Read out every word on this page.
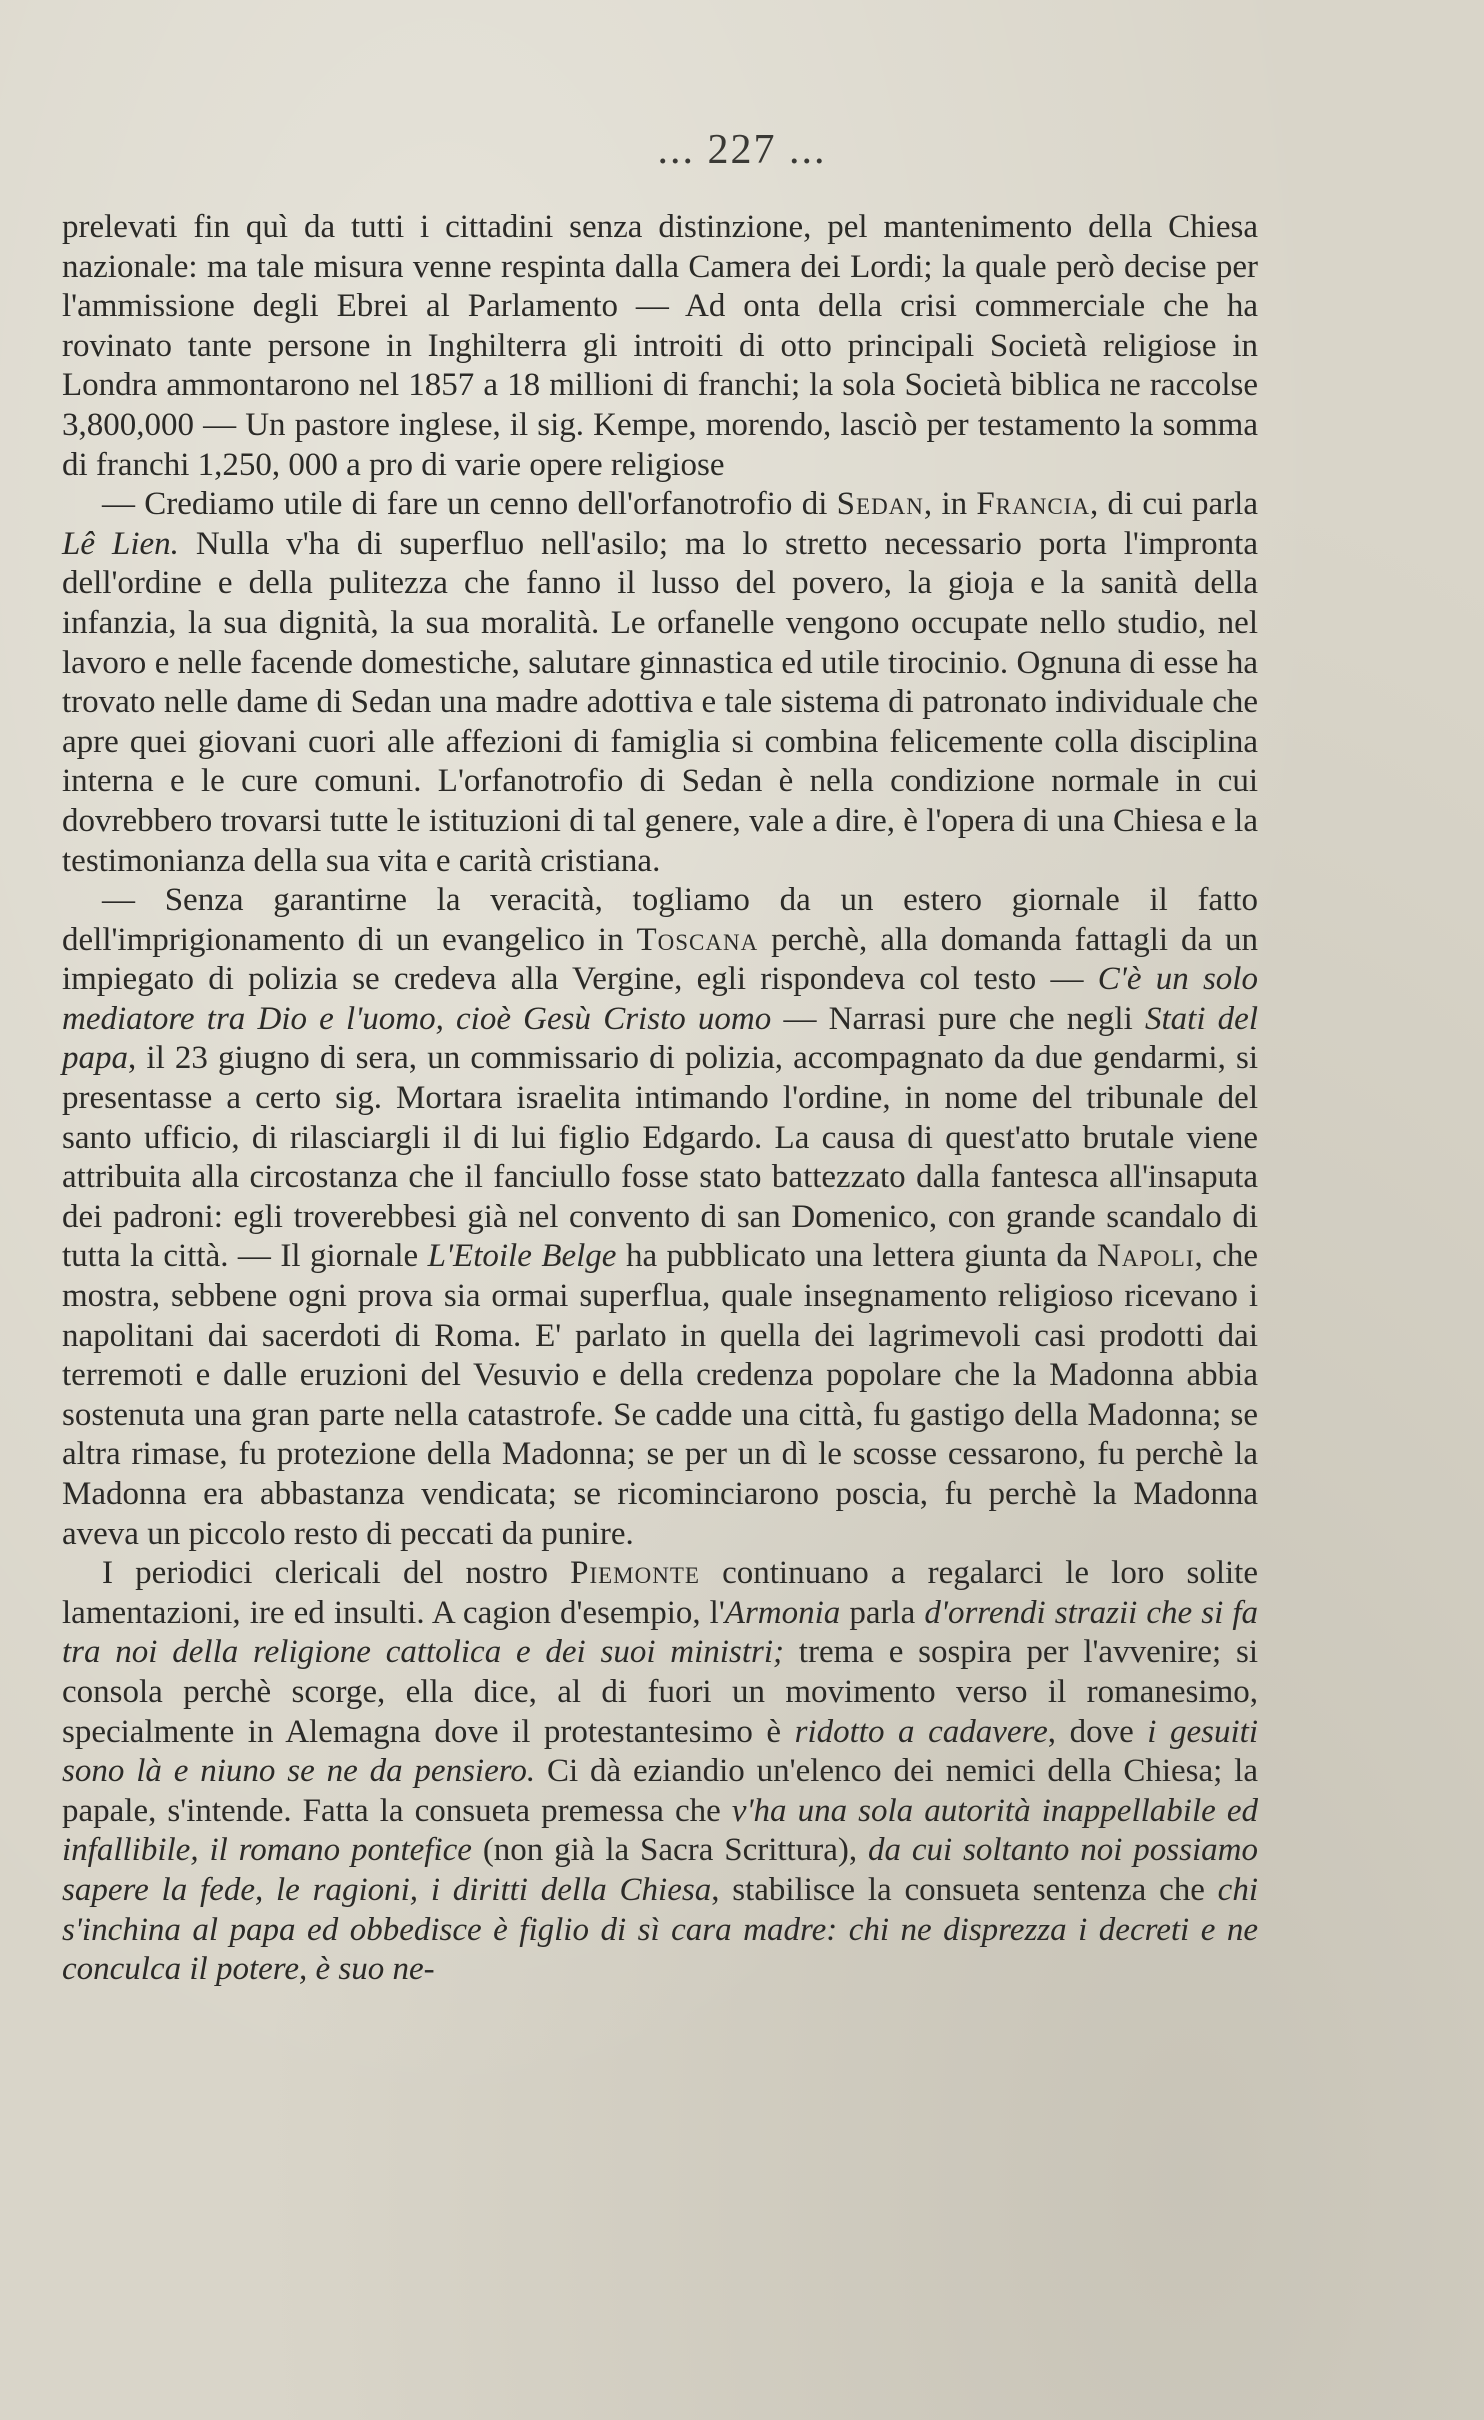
... 227 ...

prelevati fin quì da tutti i cittadini senza distinzione, pel mantenimento della Chiesa nazionale: ma tale misura venne respinta dalla Camera dei Lordi; la quale però decise per l'ammissione degli Ebrei al Parlamento — Ad onta della crisi commerciale che ha rovinato tante persone in Inghilterra gli introiti di otto principali Società religiose in Londra ammontarono nel 1857 a 18 millioni di franchi; la sola Società biblica ne raccolse 3,800,000 — Un pastore inglese, il sig. Kempe, morendo, lasciò per testamento la somma di franchi 1,250, 000 a pro di varie opere religiose

— Crediamo utile di fare un cenno dell'orfanotrofio di Sedan, in Francia, di cui parla Lê Lien. Nulla v'ha di superfluo nell'asilo; ma lo stretto necessario porta l'impronta dell'ordine e della pulitezza che fanno il lusso del povero, la gioja e la sanità della infanzia, la sua dignità, la sua moralità. Le orfanelle vengono occupate nello studio, nel lavoro e nelle facende domestiche, salutare ginnastica ed utile tirocinio. Ognuna di esse ha trovato nelle dame di Sedan una madre adottiva e tale sistema di patronato individuale che apre quei giovani cuori alle affezioni di famiglia si combina felicemente colla disciplina interna e le cure comuni. L'orfanotrofio di Sedan è nella condizione normale in cui dovrebbero trovarsi tutte le istituzioni di tal genere, vale a dire, è l'opera di una Chiesa e la testimonianza della sua vita e carità cristiana.

— Senza garantirne la veracità, togliamo da un estero giornale il fatto dell'imprigionamento di un evangelico in Toscana perchè, alla domanda fattagli da un impiegato di polizia se credeva alla Vergine, egli rispondeva col testo — C'è un solo mediatore tra Dio e l'uomo, cioè Gesù Cristo uomo — Narrasi pure che negli Stati del papa, il 23 giugno di sera, un commissario di polizia, accompagnato da due gendarmi, si presentasse a certo sig. Mortara israelita intimando l'ordine, in nome del tribunale del santo ufficio, di rilasciargli il di lui figlio Edgardo. La causa di quest'atto brutale viene attribuita alla circostanza che il fanciullo fosse stato battezzato dalla fantesca all'insaputa dei padroni: egli troverebbesi già nel convento di san Domenico, con grande scandalo di tutta la città. — Il giornale L'Etoile Belge ha pubblicato una lettera giunta da Napoli, che mostra, sebbene ogni prova sia ormai superflua, quale insegnamento religioso ricevano i napolitani dai sacerdoti di Roma. E' parlato in quella dei lagrimevoli casi prodotti dai terremoti e dalle eruzioni del Vesuvio e della credenza popolare che la Madonna abbia sostenuta una gran parte nella catastrofe. Se cadde una città, fu gastigo della Madonna; se altra rimase, fu protezione della Madonna; se per un dì le scosse cessarono, fu perchè la Madonna era abbastanza vendicata; se ricominciarono poscia, fu perchè la Madonna aveva un piccolo resto di peccati da punire.

I periodici clericali del nostro Piemonte continuano a regalarci le loro solite lamentazioni, ire ed insulti. A cagion d'esempio, l'Armonia parla d'orrendi strazii che si fa tra noi della religione cattolica e dei suoi ministri; trema e sospira per l'avvenire; si consola perchè scorge, ella dice, al di fuori un movimento verso il romanesimo, specialmente in Alemagna dove il protestantesimo è ridotto a cadavere, dove i gesuiti sono là e niuno se ne da pensiero. Ci dà eziandio un'elenco dei nemici della Chiesa; la papale, s'intende. Fatta la consueta premessa che v'ha una sola autorità inappellabile ed infallibile, il romano pontefice (non già la Sacra Scrittura), da cui soltanto noi possiamo sapere la fede, le ragioni, i diritti della Chiesa, stabilisce la consueta sentenza che chi s'inchina al papa ed obbedisce è figlio di sì cara madre: chi ne disprezza i decreti e ne conculca il potere, è suo ne-
